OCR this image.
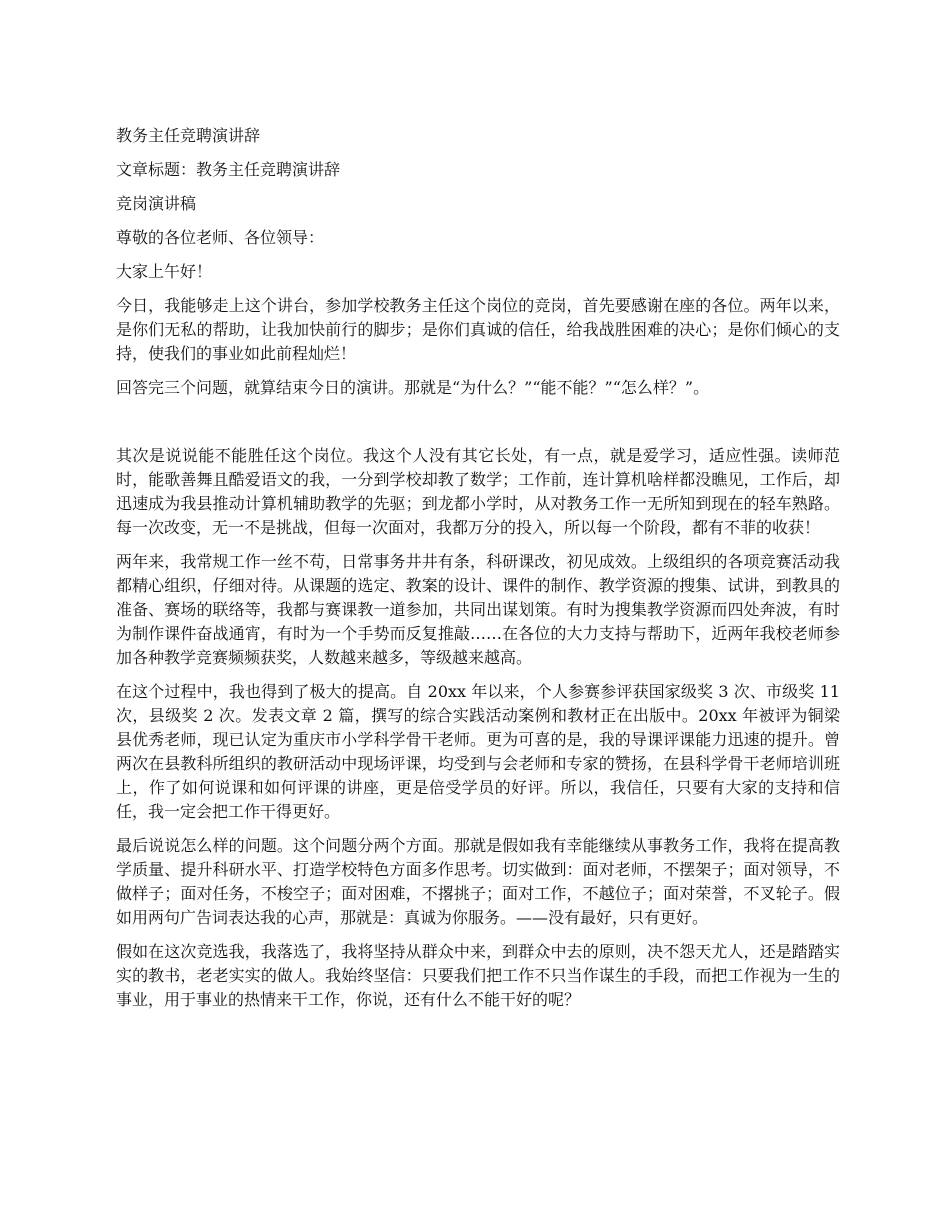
教务主任竞聘演讲辞

文章标题：教务主任竞聘演讲辞

竞岗演讲稿

尊敬的各位老师、各位领导：

大家上午好！

今日，我能够走上这个讲台，参加学校教务主任这个岗位的竞岗，首先要感谢在座的各位。两年以来，是你们无私的帮助，让我加快前行的脚步；是你们真诚的信任，给我战胜困难的决心；是你们倾心的支持，使我们的事业如此前程灿烂！

回答完三个问题，就算结束今日的演讲。那就是“为什么？”“能不能？”“怎么样？”。

其次是说说能不能胜任这个岗位。我这个人没有其它长处，有一点，就是爱学习，适应性强。读师范时，能歌善舞且酷爱语文的我，一分到学校却教了数学；工作前，连计算机啥样都没瞧见，工作后，却迅速成为我县推动计算机辅助教学的先驱；到龙都小学时，从对教务工作一无所知到现在的轻车熟路。每一次改变，无一不是挑战，但每一次面对，我都万分的投入，所以每一个阶段，都有不菲的收获！

两年来，我常规工作一丝不苟，日常事务井井有条，科研课改，初见成效。上级组织的各项竞赛活动我都精心组织，仔细对待。从课题的选定、教案的设计、课件的制作、教学资源的搜集、试讲，到教具的准备、赛场的联络等，我都与赛课教一道参加，共同出谋划策。有时为搜集教学资源而四处奔波，有时为制作课件奋战通宵，有时为一个手势而反复推敲……在各位的大力支持与帮助下，近两年我校老师参加各种教学竞赛频频获奖，人数越来越多，等级越来越高。

在这个过程中，我也得到了极大的提高。自 20xx 年以来，个人参赛参评获国家级奖 3 次、市级奖 11 次，县级奖 2 次。发表文章 2 篇，撰写的综合实践活动案例和教材正在出版中。20xx 年被评为铜梁县优秀老师，现已认定为重庆市小学科学骨干老师。更为可喜的是，我的导课评课能力迅速的提升。曾两次在县教科所组织的教研活动中现场评课，均受到与会老师和专家的赞扬，在县科学骨干老师培训班上，作了如何说课和如何评课的讲座，更是倍受学员的好评。所以，我信任，只要有大家的支持和信任，我一定会把工作干得更好。

最后说说怎么样的问题。这个问题分两个方面。那就是假如我有幸能继续从事教务工作，我将在提高教学质量、提升科研水平、打造学校特色方面多作思考。切实做到：面对老师，不摆架子；面对领导，不做样子；面对任务，不梭空子；面对困难，不撂挑子；面对工作，不越位子；面对荣誉，不叉轮子。假如用两句广告词表达我的心声，那就是：真诚为你服务。——没有最好，只有更好。

假如在这次竞选我，我落选了，我将坚持从群众中来，到群众中去的原则，决不怨天尤人，还是踏踏实实的教书，老老实实的做人。我始终坚信：只要我们把工作不只当作谋生的手段，而把工作视为一生的事业，用于事业的热情来干工作，你说，还有什么不能干好的呢？
